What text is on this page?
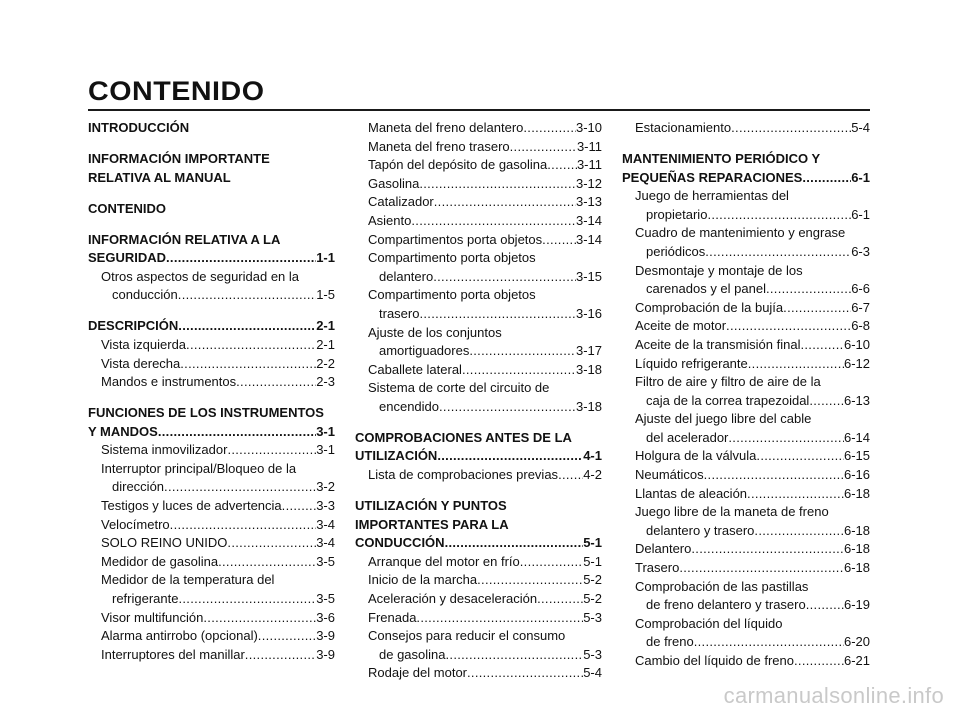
CONTENIDO
INTRODUCCIÓN
INFORMACIÓN IMPORTANTE
RELATIVA AL MANUAL
CONTENIDO
INFORMACIÓN RELATIVA A LA
SEGURIDAD .....	1-1
Otros aspectos de seguridad en la
conducción .....	1-5
DESCRIPCIÓN .....	2-1
Vista izquierda .....	2-1
Vista derecha .....	2-2
Mandos e instrumentos .....	2-3
FUNCIONES DE LOS INSTRUMENTOS
Y MANDOS .....	3-1
Sistema inmovilizador .....	3-1
Interruptor principal/Bloqueo de la
dirección .....	3-2
Testigos y luces de advertencia .....	3-3
Velocímetro .....	3-4
SOLO REINO UNIDO .....	3-4
Medidor de gasolina .....	3-5
Medidor de la temperatura del
refrigerante .....	3-5
Visor multifunción .....	3-6
Alarma antirrobo (opcional) .....	3-9
Interruptores del manillar .....	3-9
Maneta del freno delantero .....	3-10
Maneta del freno trasero .....	3-11
Tapón del depósito de gasolina ..... 3-11
Gasolina .....	3-12
Catalizador .....	3-13
Asiento .....	3-14
Compartimentos porta objetos .....	3-14
Compartimento porta objetos
delantero .....	3-15
Compartimento porta objetos
trasero .....	3-16
Ajuste de los conjuntos
amortiguadores .....	3-17
Caballete lateral .....	3-18
Sistema de corte del circuito de
encendido .....	3-18
COMPROBACIONES ANTES DE LA
UTILIZACIÓN .....	4-1
Lista de comprobaciones previas ..... 4-2
UTILIZACIÓN Y PUNTOS
IMPORTANTES PARA LA
CONDUCCIÓN .....	5-1
Arranque del motor en frío .....	5-1
Inicio de la marcha .....	5-2
Aceleración y desaceleración .....	5-2
Frenada .....	5-3
Consejos para reducir el consumo
de gasolina .....	5-3
Rodaje del motor .....	5-4
Estacionamiento .....	5-4
MANTENIMIENTO PERIÓDICO Y
PEQUEÑAS REPARACIONES .....	6-1
Juego de herramientas del
propietario .....	6-1
Cuadro de mantenimiento y engrase
periódicos .....	6-3
Desmontaje y montaje de los
carenados y el panel .....	6-6
Comprobación de la bujía .....	6-7
Aceite de motor .....	6-8
Aceite de la transmisión final .....	6-10
Líquido refrigerante .....	6-12
Filtro de aire y filtro de aire de la
caja de la correa trapezoidal .....	6-13
Ajuste del juego libre del cable
del acelerador .....	6-14
Holgura de la válvula .....	6-15
Neumáticos .....	6-16
Llantas de aleación .....	6-18
Juego libre de la maneta de freno
delantero y trasero .....	6-18
Delantero .....	6-18
Trasero .....	6-18
Comprobación de las pastillas
de freno delantero y trasero .....	6-19
Comprobación del líquido
de freno .....	6-20
Cambio del líquido de freno .....	6-21
carmanualsonline.info
